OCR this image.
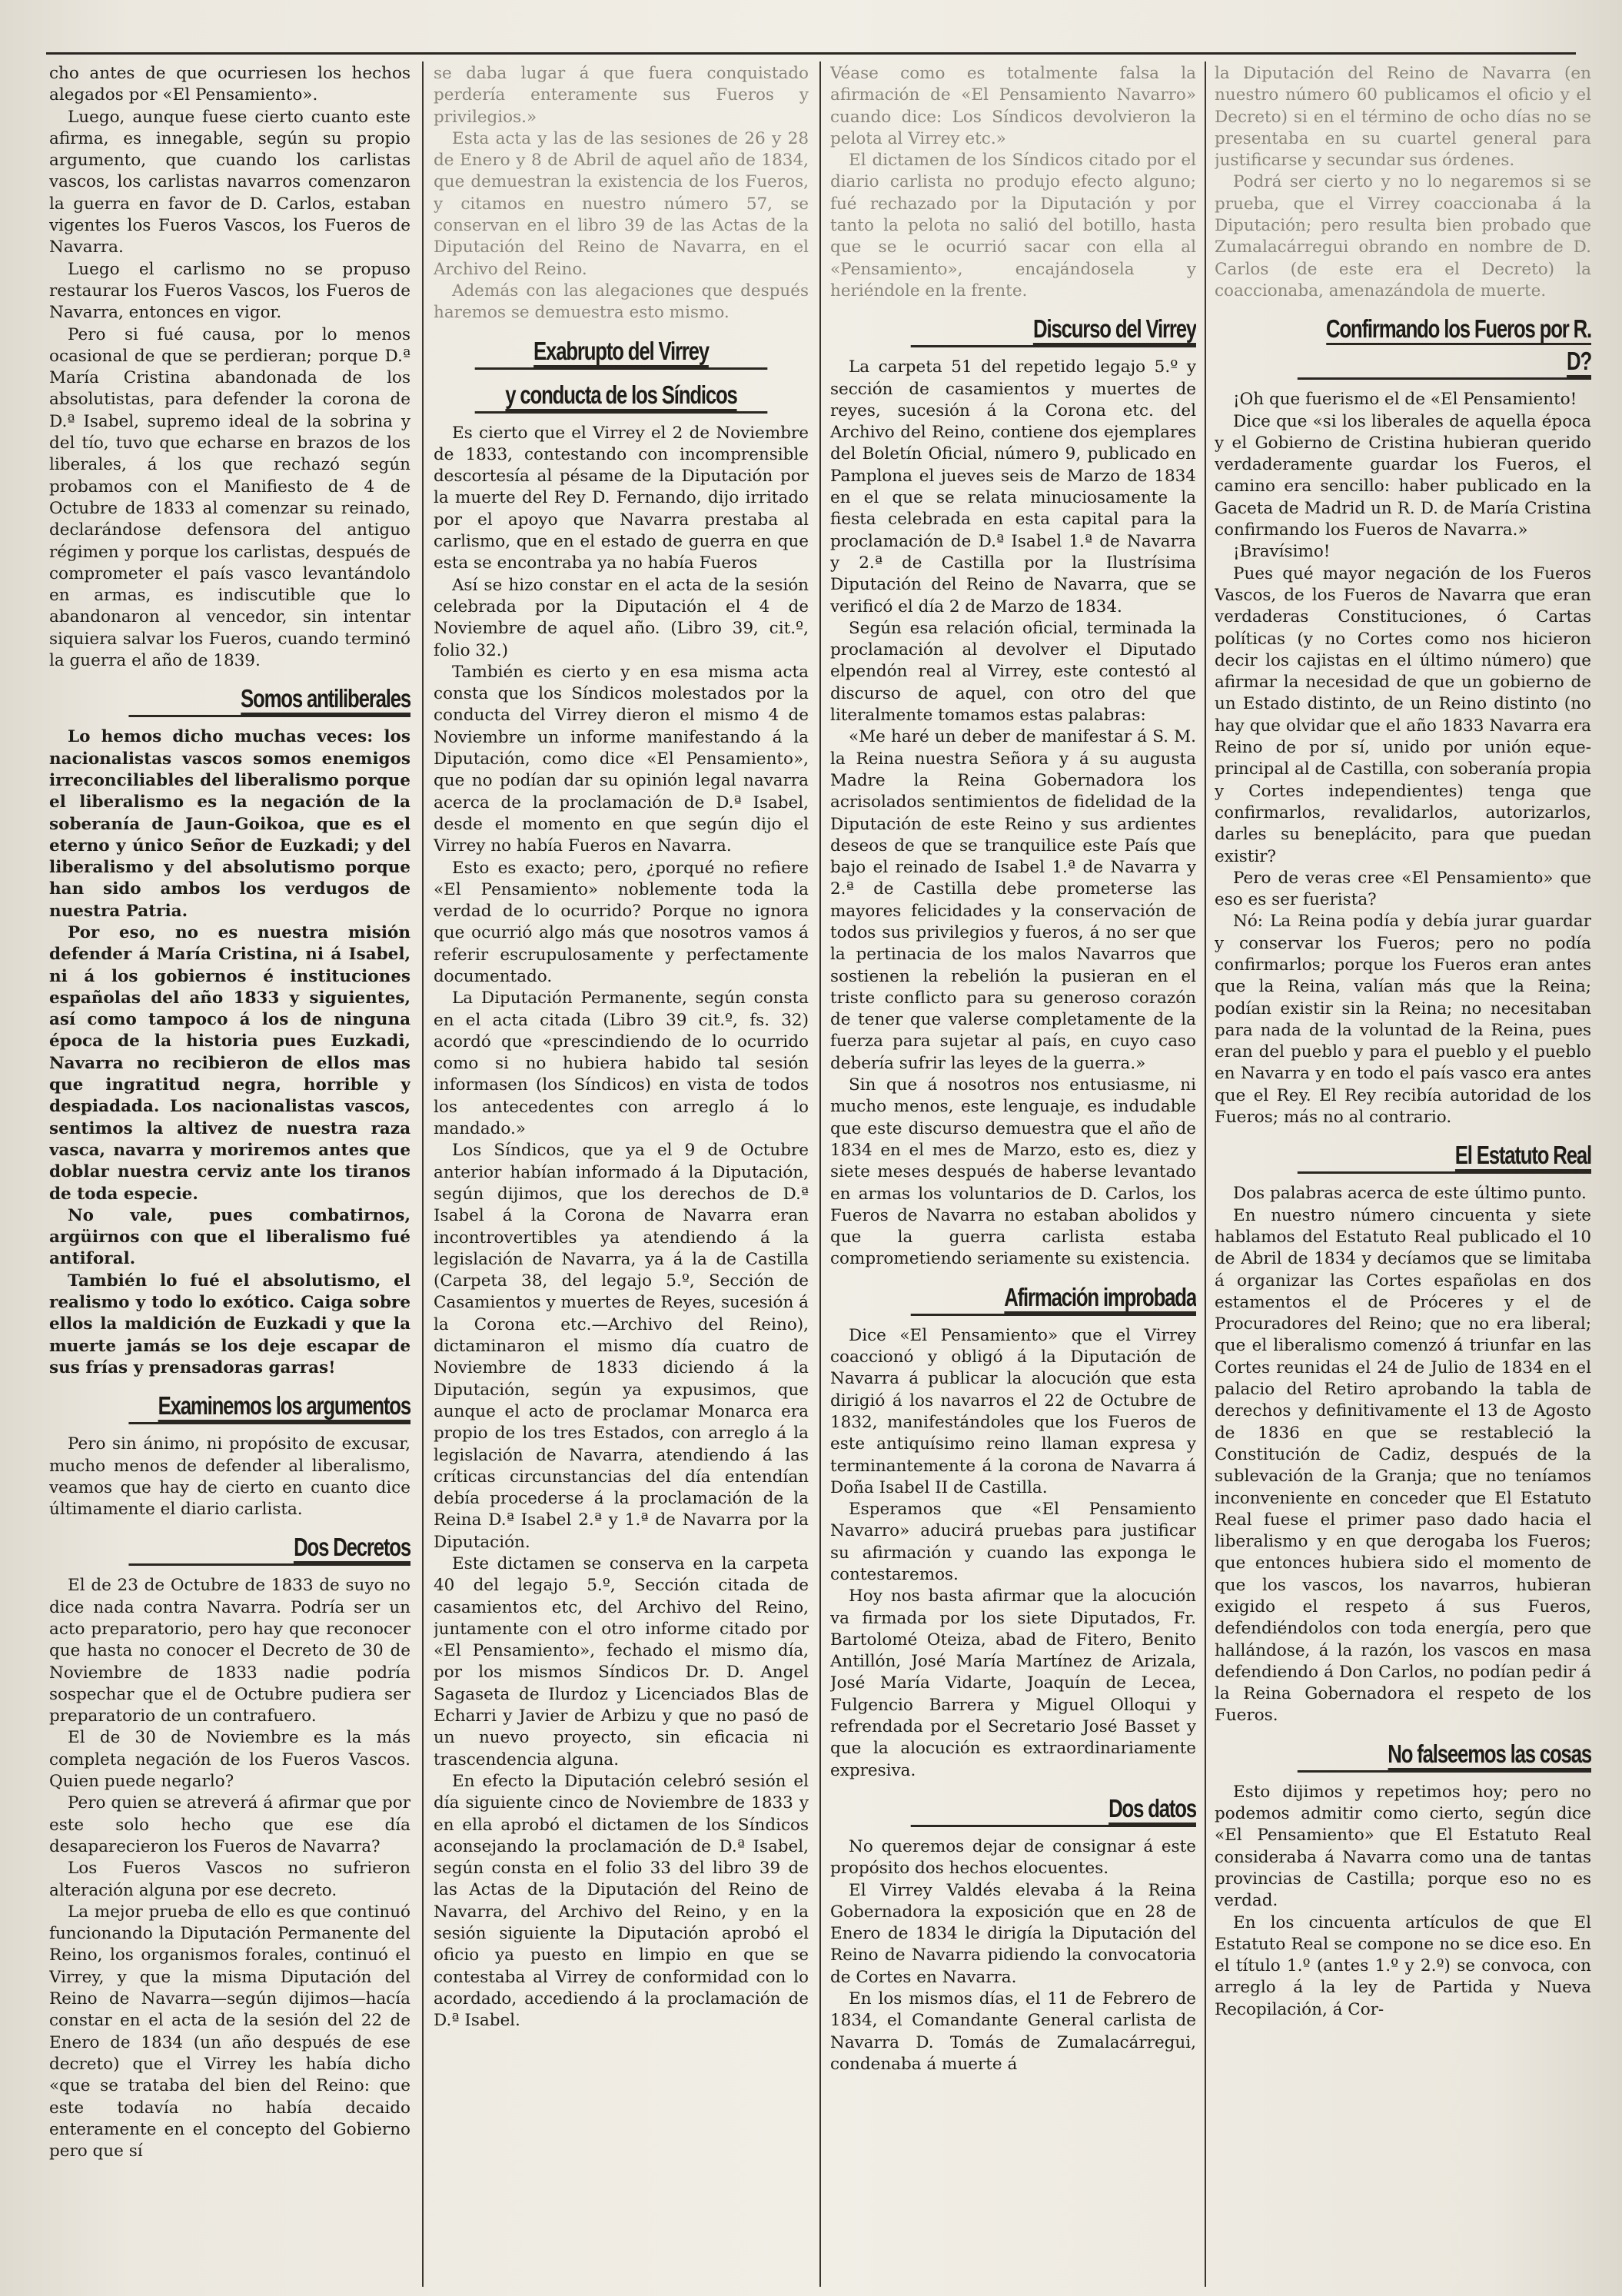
cho antes de que ocurriesen los hechos alegados por «El Pensamiento».

Luego, aunque fuese cierto cuanto este afirma, es innegable, según su propio argumento, que cuando los carlistas vascos, los carlistas navarros comenzaron la guerra en favor de D. Carlos, estaban vigentes los Fueros Vascos, los Fueros de Navarra.

Luego el carlismo no se propuso restaurar los Fueros Vascos, los Fueros de Navarra, entonces en vigor.

Pero si fué causa, por lo menos ocasional de que se perdieran; porque D.ª María Cristina abandonada de los absolutistas, para defender la corona de D.ª Isabel, supremo ideal de la sobrina y del tío, tuvo que echarse en brazos de los liberales, á los que rechazó según probamos con el Manifiesto de 4 de Octubre de 1833 al comenzar su reinado, declarándose defensora del antiguo régimen y porque los carlistas, después de comprometer el país vasco levantándolo en armas, es indiscutible que lo abandonaron al vencedor, sin intentar siquiera salvar los Fueros, cuando terminó la guerra el año de 1839.

Somos antiliberales

Lo hemos dicho muchas veces: los nacionalistas vascos somos enemigos irreconciliables del liberalismo porque el liberalismo es la negación de la soberanía de Jaun-Goikoa, que es el eterno y único Señor de Euzkadi; y del liberalismo y del absolutismo porque han sido ambos los verdugos de nuestra Patria.

Por eso, no es nuestra misión defender á María Cristina, ni á Isabel, ni á los gobiernos é instituciones españolas del año 1833 y siguientes, así como tampoco á los de ninguna época de la historia pues Euzkadi, Navarra no recibieron de ellos mas que ingratitud negra, horrible y despiadada. Los nacionalistas vascos, sentimos la altivez de nuestra raza vasca, navarra y moriremos antes que doblar nuestra cerviz ante los tiranos de toda especie.

No vale, pues combatirnos, argüirnos con que el liberalismo fué antiforal.

También lo fué el absolutismo, el realismo y todo lo exótico. Caiga sobre ellos la maldición de Euzkadi y que la muerte jamás se los deje escapar de sus frías y prensadoras garras!

Examinemos los argumentos

Pero sin ánimo, ni propósito de excusar, mucho menos de defender al liberalismo, veamos que hay de cierto en cuanto dice últimamente el diario carlista.

Dos Decretos

El de 23 de Octubre de 1833 de suyo no dice nada contra Navarra. Podría ser un acto preparatorio, pero hay que reconocer que hasta no conocer el Decreto de 30 de Noviembre de 1833 nadie podría sospechar que el de Octubre pudiera ser preparatorio de un contrafuero.

El de 30 de Noviembre es la más completa negación de los Fueros Vascos. Quien puede negarlo?

Pero quien se atreverá á afirmar que por este solo hecho que ese día desaparecieron los Fueros de Navarra?

Los Fueros Vascos no sufrieron alteración alguna por ese decreto.

La mejor prueba de ello es que continuó funcionando la Diputación Permanente del Reino, los organismos forales, continuó el Virrey, y que la misma Diputación del Reino de Navarra—según dijimos—hacía constar en el acta de la sesión del 22 de Enero de 1834 (un año después de ese decreto) que el Virrey les había dicho «que se trataba del bien del Reino: que este todavía no había decaido enteramente en el concepto del Gobierno pero que sí

se daba lugar á que fuera conquistado perdería enteramente sus Fueros y privilegios.»

Esta acta y las de las sesiones de 26 y 28 de Enero y 8 de Abril de aquel año de 1834, que demuestran la existencia de los Fueros, y citamos en nuestro número 57, se conservan en el libro 39 de las Actas de la Diputación del Reino de Navarra, en el Archivo del Reino.

Además con las alegaciones que después haremos se demuestra esto mismo.

Exabrupto del Virrey
y conducta de los Síndicos

Es cierto que el Virrey el 2 de Noviembre de 1833, contestando con incomprensible descortesía al pésame de la Diputación por la muerte del Rey D. Fernando, dijo irritado por el apoyo que Navarra prestaba al carlismo, que en el estado de guerra en que esta se encontraba ya no había Fueros

Así se hizo constar en el acta de la sesión celebrada por la Diputación el 4 de Noviembre de aquel año. (Libro 39, cit.º, folio 32.)

También es cierto y en esa misma acta consta que los Síndicos molestados por la conducta del Virrey dieron el mismo 4 de Noviembre un informe manifestando á la Diputación, como dice «El Pensamiento», que no podían dar su opinión legal navarra acerca de la proclamación de D.ª Isabel, desde el momento en que según dijo el Virrey no había Fueros en Navarra.

Esto es exacto; pero, ¿porqué no refiere «El Pensamiento» noblemente toda la verdad de lo ocurrido? Porque no ignora que ocurrió algo más que nosotros vamos á referir escrupulosamente y perfectamente documentado.

La Diputación Permanente, según consta en el acta citada (Libro 39 cit.º, fs. 32) acordó que «prescindiendo de lo ocurrido como si no hubiera habido tal sesión informasen (los Síndicos) en vista de todos los antecedentes con arreglo á lo mandado.»

Los Síndicos, que ya el 9 de Octubre anterior habían informado á la Diputación, según dijimos, que los derechos de D.ª Isabel á la Corona de Navarra eran incontrovertibles ya atendiendo á la legislación de Navarra, ya á la de Castilla (Carpeta 38, del legajo 5.º, Sección de Casamientos y muertes de Reyes, sucesión á la Corona etc.—Archivo del Reino), dictaminaron el mismo día cuatro de Noviembre de 1833 diciendo á la Diputación, según ya expusimos, que aunque el acto de proclamar Monarca era propio de los tres Estados, con arreglo á la legislación de Navarra, atendiendo á las críticas circunstancias del día entendían debía procederse á la proclamación de la Reina D.ª Isabel 2.ª y 1.ª de Navarra por la Diputación.

Este dictamen se conserva en la carpeta 40 del legajo 5.º, Sección citada de casamientos etc, del Archivo del Reino, juntamente con el otro informe citado por «El Pensamiento», fechado el mismo día, por los mismos Síndicos Dr. D. Angel Sagaseta de Ilurdoz y Licenciados Blas de Echarri y Javier de Arbizu y que no pasó de un nuevo proyecto, sin eficacia ni trascendencia alguna.

En efecto la Diputación celebró sesión el día siguiente cinco de Noviembre de 1833 y en ella aprobó el dictamen de los Síndicos aconsejando la proclamación de D.ª Isabel, según consta en el folio 33 del libro 39 de las Actas de la Diputación del Reino de Navarra, del Archivo del Reino, y en la sesión siguiente la Diputación aprobó el oficio ya puesto en limpio en que se contestaba al Virrey de conformidad con lo acordado, accediendo á la proclamación de D.ª Isabel.

Véase como es totalmente falsa la afirmación de «El Pensamiento Navarro» cuando dice: Los Síndicos devolvieron la pelota al Virrey etc.»

El dictamen de los Síndicos citado por el diario carlista no produjo efecto alguno; fué rechazado por la Diputación y por tanto la pelota no salió del botillo, hasta que se le ocurrió sacar con ella al «Pensamiento», encajándosela y heriéndole en la frente.

Discurso del Virrey

La carpeta 51 del repetido legajo 5.º y sección de casamientos y muertes de reyes, sucesión á la Corona etc. del Archivo del Reino, contiene dos ejemplares del Boletín Oficial, número 9, publicado en Pamplona el jueves seis de Marzo de 1834 en el que se relata minuciosamente la fiesta celebrada en esta capital para la proclamación de D.ª Isabel 1.ª de Navarra y 2.ª de Castilla por la Ilustrísima Diputación del Reino de Navarra, que se verificó el día 2 de Marzo de 1834.

Según esa relación oficial, terminada la proclamación al devolver el Diputado elpendón real al Virrey, este contestó al discurso de aquel, con otro del que literalmente tomamos estas palabras:

«Me haré un deber de manifestar á S. M. la Reina nuestra Señora y á su augusta Madre la Reina Gobernadora los acrisolados sentimientos de fidelidad de la Diputación de este Reino y sus ardientes deseos de que se tranquilice este País que bajo el reinado de Isabel 1.ª de Navarra y 2.ª de Castilla debe prometerse las mayores felicidades y la conservación de todos sus privilegios y fueros, á no ser que la pertinacia de los malos Navarros que sostienen la rebelión la pusieran en el triste conflicto para su generoso corazón de tener que valerse completamente de la fuerza para sujetar al país, en cuyo caso debería sufrir las leyes de la guerra.»

Sin que á nosotros nos entusiasme, ni mucho menos, este lenguaje, es indudable que este discurso demuestra que el año de 1834 en el mes de Marzo, esto es, diez y siete meses después de haberse levantado en armas los voluntarios de D. Carlos, los Fueros de Navarra no estaban abolidos y que la guerra carlista estaba comprometiendo seriamente su existencia.

Afirmación improbada

Dice «El Pensamiento» que el Virrey coaccionó y obligó á la Diputación de Navarra á publicar la alocución que esta dirigió á los navarros el 22 de Octubre de 1832, manifestándoles que los Fueros de este antiquísimo reino llaman expresa y terminantemente á la corona de Navarra á Doña Isabel II de Castilla.

Esperamos que «El Pensamiento Navarro» aducirá pruebas para justificar su afirmación y cuando las exponga le contestaremos.

Hoy nos basta afirmar que la alocución va firmada por los siete Diputados, Fr. Bartolomé Oteiza, abad de Fitero, Benito Antillón, José María Martínez de Arizala, José María Vidarte, Joaquín de Lecea, Fulgencio Barrera y Miguel Olloqui y refrendada por el Secretario José Basset y que la alocución es extraordinariamente expresiva.

Dos datos

No queremos dejar de consignar á este propósito dos hechos elocuentes.

El Virrey Valdés elevaba á la Reina Gobernadora la exposición que en 28 de Enero de 1834 le dirigía la Diputación del Reino de Navarra pidiendo la convocatoria de Cortes en Navarra.

En los mismos días, el 11 de Febrero de 1834, el Comandante General carlista de Navarra D. Tomás de Zumalacárregui, condenaba á muerte á

la Diputación del Reino de Navarra (en nuestro número 60 publicamos el oficio y el Decreto) si en el término de ocho días no se presentaba en su cuartel general para justificarse y secundar sus órdenes.

Podrá ser cierto y no lo negaremos si se prueba, que el Virrey coaccionaba á la Diputación; pero resulta bien probado que Zumalacárregui obrando en nombre de D. Carlos (de este era el Decreto) la coaccionaba, amenazándola de muerte.

Confirmando los Fueros por R. D?

¡Oh que fuerismo el de «El Pensamiento!

Dice que «si los liberales de aquella época y el Gobierno de Cristina hubieran querido verdaderamente guardar los Fueros, el camino era sencillo: haber publicado en la Gaceta de Madrid un R. D. de María Cristina confirmando los Fueros de Navarra.»

¡Bravísimo!

Pues qué mayor negación de los Fueros Vascos, de los Fueros de Navarra que eran verdaderas Constituciones, ó Cartas políticas (y no Cortes como nos hicieron decir los cajistas en el último número) que afirmar la necesidad de que un gobierno de un Estado distinto, de un Reino distinto (no hay que olvidar que el año 1833 Navarra era Reino de por sí, unido por unión eque-principal al de Castilla, con soberanía propia y Cortes independientes) tenga que confirmarlos, revalidarlos, autorizarlos, darles su beneplácito, para que puedan existir?

Pero de veras cree «El Pensamiento» que eso es ser fuerista?

Nó: La Reina podía y debía jurar guardar y conservar los Fueros; pero no podía confirmarlos; porque los Fueros eran antes que la Reina, valían más que la Reina; podían existir sin la Reina; no necesitaban para nada de la voluntad de la Reina, pues eran del pueblo y para el pueblo y el pueblo en Navarra y en todo el país vasco era antes que el Rey. El Rey recibía autoridad de los Fueros; más no al contrario.

El Estatuto Real

Dos palabras acerca de este último punto.

En nuestro número cincuenta y siete hablamos del Estatuto Real publicado el 10 de Abril de 1834 y decíamos que se limitaba á organizar las Cortes españolas en dos estamentos el de Próceres y el de Procuradores del Reino; que no era liberal; que el liberalismo comenzó á triunfar en las Cortes reunidas el 24 de Julio de 1834 en el palacio del Retiro aprobando la tabla de derechos y definitivamente el 13 de Agosto de 1836 en que se restableció la Constitución de Cadiz, después de la sublevación de la Granja; que no teníamos inconveniente en conceder que El Estatuto Real fuese el primer paso dado hacia el liberalismo y en que derogaba los Fueros; que entonces hubiera sido el momento de que los vascos, los navarros, hubieran exigido el respeto á sus Fueros, defendiéndolos con toda energía, pero que hallándose, á la razón, los vascos en masa defendiendo á Don Carlos, no podían pedir á la Reina Gobernadora el respeto de los Fueros.

No falseemos las cosas

Esto dijimos y repetimos hoy; pero no podemos admitir como cierto, según dice «El Pensamiento» que El Estatuto Real consideraba á Navarra como una de tantas provincias de Castilla; porque eso no es verdad.

En los cincuenta artículos de que El Estatuto Real se compone no se dice eso. En el título 1.º (antes 1.º y 2.º) se convoca, con arreglo á la ley de Partida y Nueva Recopilación, á Cor-
